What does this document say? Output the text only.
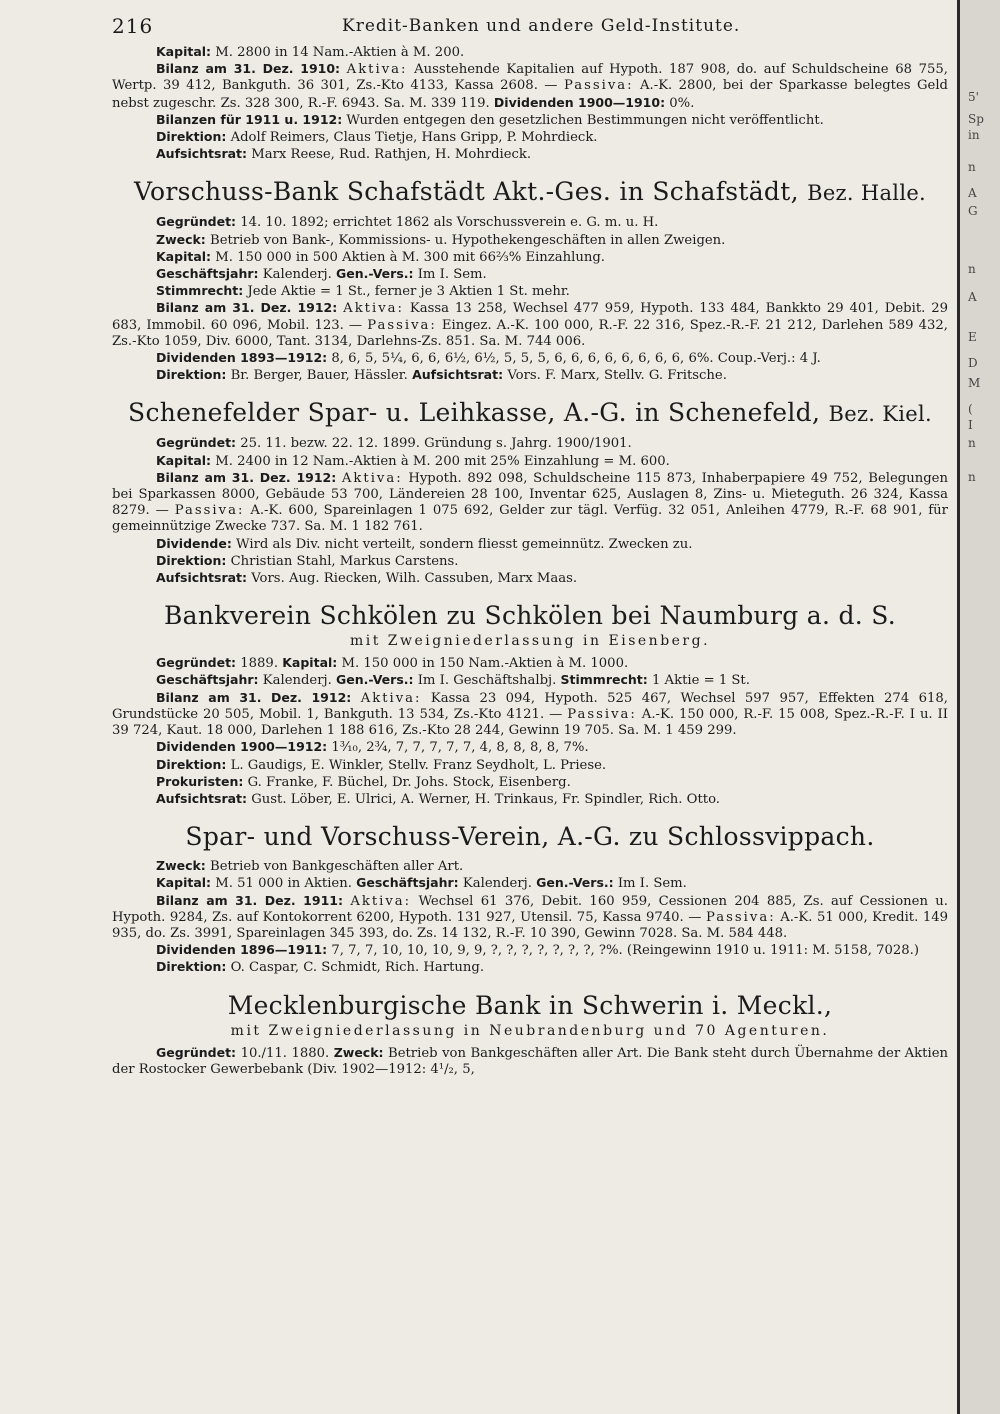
216	Kredit-Banken und andere Geld-Institute.

Kapital: M. 2800 in 14 Nam.-Aktien à M. 200.

Bilanz am 31. Dez. 1910: Aktiva: Ausstehende Kapitalien auf Hypoth. 187 908, do. auf Schuldscheine 68 755, Wertp. 39 412, Bankguth. 36 301, Zs.-Kto 4133, Kassa 2608. — Passiva: A.-K. 2800, bei der Sparkasse belegtes Geld nebst zugeschr. Zs. 328 300, R.-F. 6943. Sa. M. 339 119. Dividenden 1900—1910: 0%.

Bilanzen für 1911 u. 1912: Wurden entgegen den gesetzlichen Bestimmungen nicht veröffentlicht.

Direktion: Adolf Reimers, Claus Tietje, Hans Gripp, P. Mohrdieck.

Aufsichtsrat: Marx Reese, Rud. Rathjen, H. Mohrdieck.

Vorschuss-Bank Schafstädt Akt.-Ges. in Schafstädt, Bez. Halle.

Gegründet: 14. 10. 1892; errichtet 1862 als Vorschussverein e. G. m. u. H.

Zweck: Betrieb von Bank-, Kommissions- u. Hypothekengeschäften in allen Zweigen.

Kapital: M. 150 000 in 500 Aktien à M. 300 mit 66⅔% Einzahlung.

Geschäftsjahr: Kalenderj. Gen.-Vers.: Im I. Sem.

Stimmrecht: Jede Aktie = 1 St., ferner je 3 Aktien 1 St. mehr.

Bilanz am 31. Dez. 1912: Aktiva: Kassa 13 258, Wechsel 477 959, Hypoth. 133 484, Bankkto 29 401, Debit. 29 683, Immobil. 60 096, Mobil. 123. — Passiva: Eingez. A.-K. 100 000, R.-F. 22 316, Spez.-R.-F. 21 212, Darlehen 589 432, Zs.-Kto 1059, Div. 6000, Tant. 3134, Darlehns-Zs. 851. Sa. M. 744 006.

Dividenden 1893—1912: 8, 6, 5, 5¼, 6, 6, 6½, 6½, 5, 5, 5, 6, 6, 6, 6, 6, 6, 6, 6, 6%. Coup.-Verj.: 4 J.

Direktion: Br. Berger, Bauer, Hässler. Aufsichtsrat: Vors. F. Marx, Stellv. G. Fritsche.

Schenefelder Spar- u. Leihkasse, A.-G. in Schenefeld, Bez. Kiel.

Gegründet: 25. 11. bezw. 22. 12. 1899. Gründung s. Jahrg. 1900/1901.

Kapital: M. 2400 in 12 Nam.-Aktien à M. 200 mit 25% Einzahlung = M. 600.

Bilanz am 31. Dez. 1912: Aktiva: Hypoth. 892 098, Schuldscheine 115 873, Inhaberpapiere 49 752, Belegungen bei Sparkassen 8000, Gebäude 53 700, Ländereien 28 100, Inventar 625, Auslagen 8, Zins- u. Mieteguth. 26 324, Kassa 8279. — Passiva: A.-K. 600, Spareinlagen 1 075 692, Gelder zur tägl. Verfüg. 32 051, Anleihen 4779, R.-F. 68 901, für gemeinnützige Zwecke 737. Sa. M. 1 182 761.

Dividende: Wird als Div. nicht verteilt, sondern fliesst gemeinnütz. Zwecken zu.

Direktion: Christian Stahl, Markus Carstens.

Aufsichtsrat: Vors. Aug. Riecken, Wilh. Cassuben, Marx Maas.

Bankverein Schkölen zu Schkölen bei Naumburg a. d. S.
mit Zweigniederlassung in Eisenberg.

Gegründet: 1889. Kapital: M. 150 000 in 150 Nam.-Aktien à M. 1000.

Geschäftsjahr: Kalenderj. Gen.-Vers.: Im I. Geschäftshalbj. Stimmrecht: 1 Aktie = 1 St.

Bilanz am 31. Dez. 1912: Aktiva: Kassa 23 094, Hypoth. 525 467, Wechsel 597 957, Effekten 274 618, Grundstücke 20 505, Mobil. 1, Bankguth. 13 534, Zs.-Kto 4121. — Passiva: A.-K. 150 000, R.-F. 15 008, Spez.-R.-F. I u. II 39 724, Kaut. 18 000, Darlehen 1 188 616, Zs.-Kto 28 244, Gewinn 19 705. Sa. M. 1 459 299.

Dividenden 1900—1912: 1³⁄₁₀, 2³⁄₄, 7, 7, 7, 7, 7, 4, 8, 8, 8, 8, 7%.

Direktion: L. Gaudigs, E. Winkler, Stellv. Franz Seydholt, L. Priese.

Prokuristen: G. Franke, F. Büchel, Dr. Johs. Stock, Eisenberg.

Aufsichtsrat: Gust. Löber, E. Ulrici, A. Werner, H. Trinkaus, Fr. Spindler, Rich. Otto.

Spar- und Vorschuss-Verein, A.-G. zu Schlossvippach.

Zweck: Betrieb von Bankgeschäften aller Art.

Kapital: M. 51 000 in Aktien. Geschäftsjahr: Kalenderj. Gen.-Vers.: Im I. Sem.

Bilanz am 31. Dez. 1911: Aktiva: Wechsel 61 376, Debit. 160 959, Cessionen 204 885, Zs. auf Cessionen u. Hypoth. 9284, Zs. auf Kontokorrent 6200, Hypoth. 131 927, Utensil. 75, Kassa 9740. — Passiva: A.-K. 51 000, Kredit. 149 935, do. Zs. 3991, Spareinlagen 345 393, do. Zs. 14 132, R.-F. 10 390, Gewinn 7028. Sa. M. 584 448.

Dividenden 1896—1911: 7, 7, 7, 10, 10, 10, 9, 9, ?, ?, ?, ?, ?, ?, ?, ?%. (Reingewinn 1910 u. 1911: M. 5158, 7028.)

Direktion: O. Caspar, C. Schmidt, Rich. Hartung.

Mecklenburgische Bank in Schwerin i. Meckl.,
mit Zweigniederlassung in Neubrandenburg und 70 Agenturen.

Gegründet: 10./11. 1880. Zweck: Betrieb von Bankgeschäften aller Art. Die Bank steht durch Übernahme der Aktien der Rostocker Gewerbebank (Div. 1902—1912: 4¹/₂, 5,

5'
Sp
in
n
A
G
n
A
E
D
M
(
I
n
n
